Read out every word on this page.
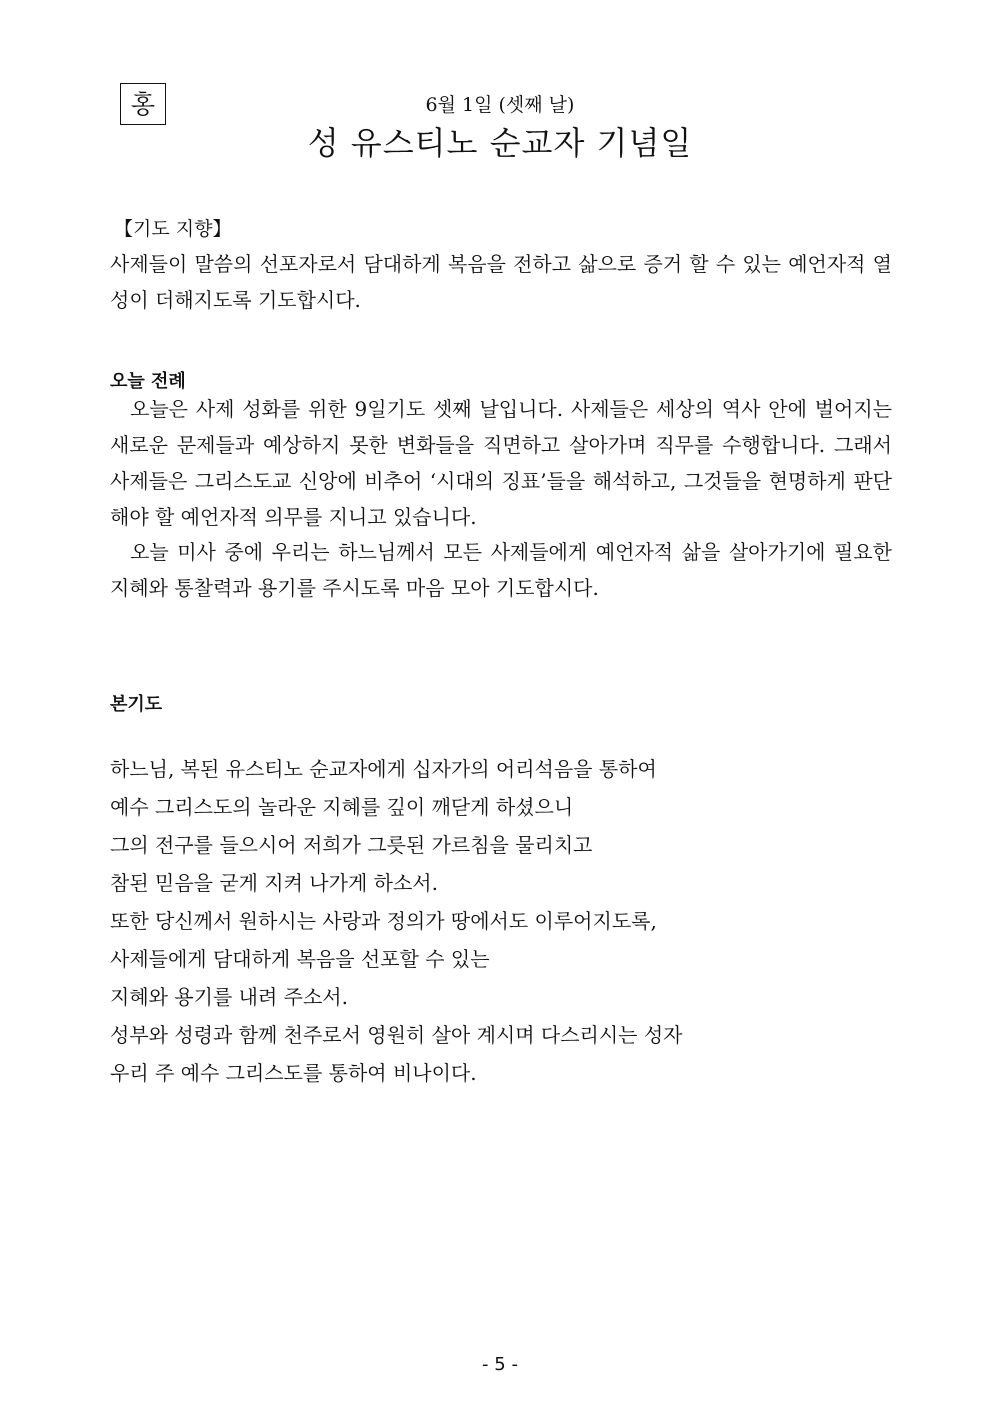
홍	6월 1일 (셋째 날)
성 유스티노 순교자 기념일
【기도 지향】

사제들이 말씀의 선포자로서 담대하게 복음을 전하고 삶으로 증거 할 수 있는 예언자적 열성이 더해지도록 기도합시다.

오늘 전례

오늘은 사제 성화를 위한 9일기도 셋째 날입니다. 사제들은 세상의 역사 안에 벌어지는 새로운 문제들과 예상하지 못한 변화들을 직면하고 살아가며 직무를 수행합니다. 그래서 사제들은 그리스도교 신앙에 비추어 ‘시대의 징표’들을 해석하고, 그것들을 현명하게 판단해야 할 예언자적 의무를 지니고 있습니다.

오늘 미사 중에 우리는 하느님께서 모든 사제들에게 예언자적 삶을 살아가기에 필요한 지혜와 통찰력과 용기를 주시도록 마음 모아 기도합시다.

본기도
하느님, 복된 유스티노 순교자에게 십자가의 어리석음을 통하여
예수 그리스도의 놀라운 지혜를 깊이 깨닫게 하셨으니
그의 전구를 들으시어 저희가 그릇된 가르침을 물리치고
참된 믿음을 굳게 지켜 나가게 하소서.
또한 당신께서 원하시는 사랑과 정의가 땅에서도 이루어지도록,
사제들에게 담대하게 복음을 선포할 수 있는
지혜와 용기를 내려 주소서.
성부와 성령과 함께 천주로서 영원히 살아 계시며 다스리시는 성자
우리 주 예수 그리스도를 통하여 비나이다.
- 5 -
